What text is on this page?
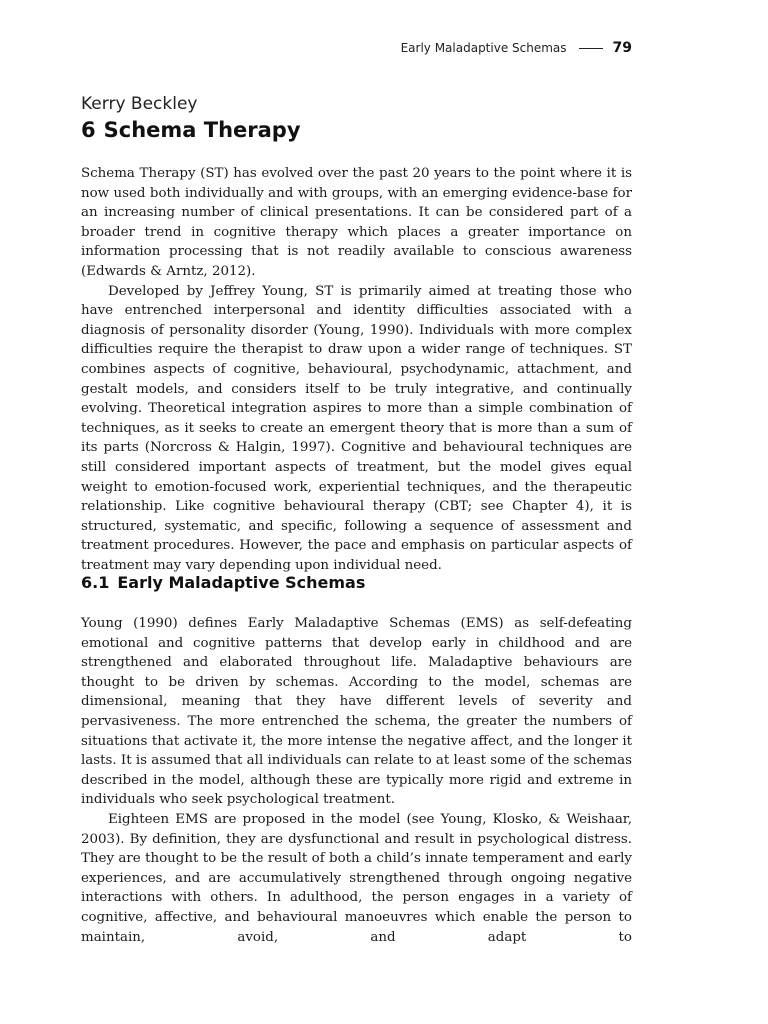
Early Maladaptive Schemas	79
Kerry Beckley
6 Schema Therapy

Schema Therapy (ST) has evolved over the past 20 years to the point where it is now used both individually and with groups, with an emerging evidence-base for an increasing number of clinical presentations. It can be considered part of a broader trend in cognitive therapy which places a greater importance on information processing that is not readily available to conscious awareness (Edwards & Arntz, 2012).

Developed by Jeffrey Young, ST is primarily aimed at treating those who have entrenched interpersonal and identity difficulties associated with a diagnosis of personality disorder (Young, 1990). Individuals with more complex difficulties require the therapist to draw upon a wider range of techniques. ST combines aspects of cognitive, behavioural, psychodynamic, attachment, and gestalt models, and considers itself to be truly integrative, and continually evolving. Theoretical integration aspires to more than a simple combination of techniques, as it seeks to create an emergent theory that is more than a sum of its parts (Norcross & Halgin, 1997). Cognitive and behavioural techniques are still considered important aspects of treatment, but the model gives equal weight to emotion-focused work, experiential techniques, and the therapeutic relationship. Like cognitive behavioural therapy (CBT; see Chapter 4), it is structured, systematic, and specific, following a sequence of assessment and treatment procedures. However, the pace and emphasis on particular aspects of treatment may vary depending upon individual need.

6.1 Early Maladaptive Schemas

Young (1990) defines Early Maladaptive Schemas (EMS) as self-defeating emotional and cognitive patterns that develop early in childhood and are strengthened and elaborated throughout life. Maladaptive behaviours are thought to be driven by schemas. According to the model, schemas are dimensional, meaning that they have different levels of severity and pervasiveness. The more entrenched the schema, the greater the numbers of situations that activate it, the more intense the negative affect, and the longer it lasts. It is assumed that all individuals can relate to at least some of the schemas described in the model, although these are typically more rigid and extreme in individuals who seek psychological treatment.

Eighteen EMS are proposed in the model (see Young, Klosko, & Weishaar, 2003). By definition, they are dysfunctional and result in psychological distress. They are thought to be the result of both a child’s innate temperament and early experiences, and are accumulatively strengthened through ongoing negative interactions with others. In adulthood, the person engages in a variety of cognitive, affective, and behavioural manoeuvres which enable the person to maintain, avoid, and adapt to
